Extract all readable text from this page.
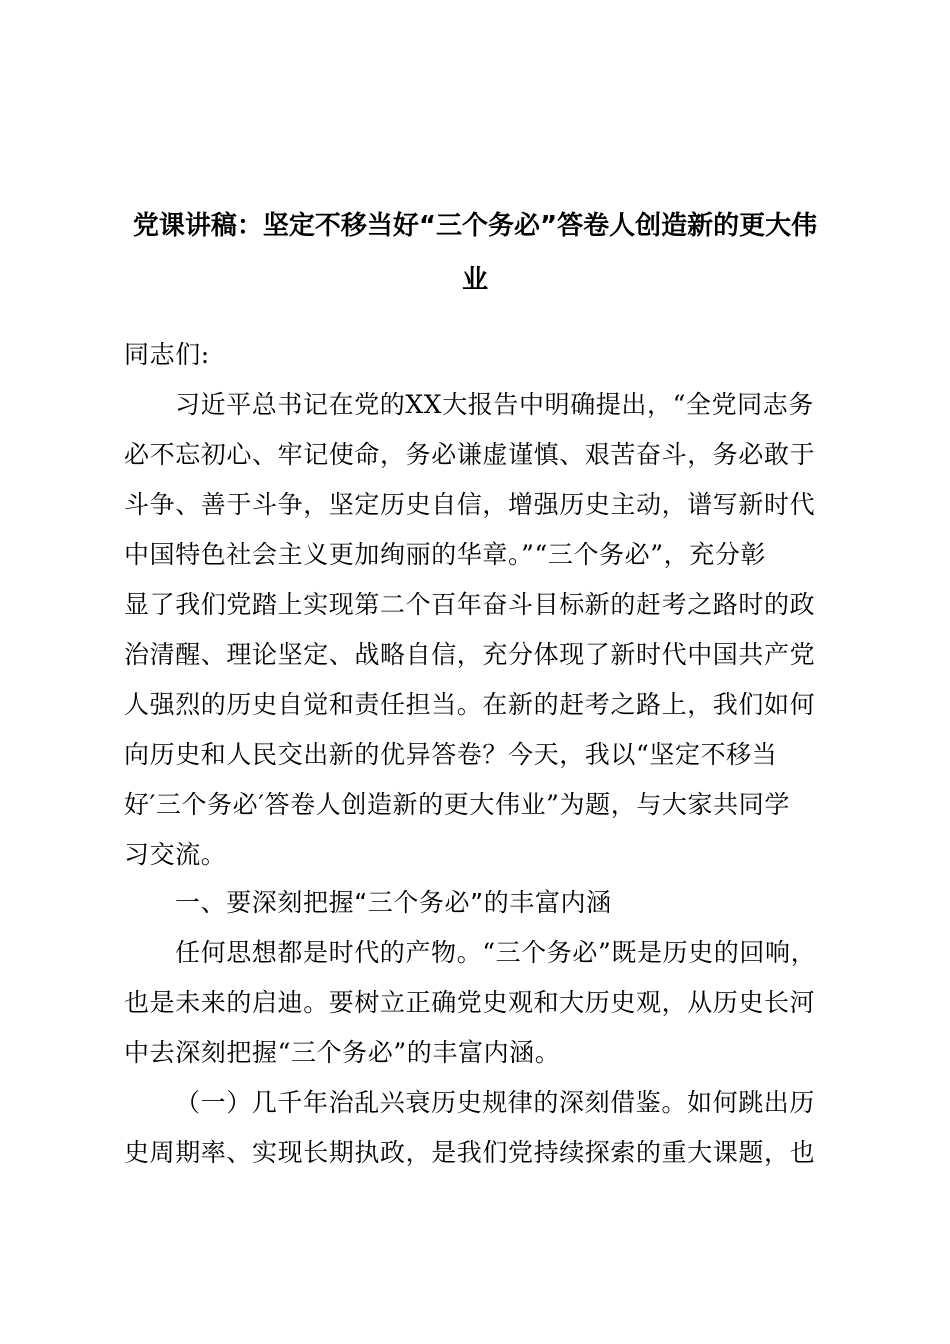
党课讲稿：坚定不移当好“三个务必”答卷人创造新的更大伟
业
同志们:
习近平总书记在党的XX大报告中明确提出，“全党同志务
必不忘初心、牢记使命，务必谦虚谨慎、艰苦奋斗，务必敢于
斗争、善于斗争，坚定历史自信，增强历史主动，谱写新时代
中国特色社会主义更加绚丽的华章。”“三个务必”，充分彰
显了我们党踏上实现第二个百年奋斗目标新的赶考之路时的政
治清醒、理论坚定、战略自信，充分体现了新时代中国共产党
人强烈的历史自觉和责任担当。在新的赶考之路上，我们如何
向历史和人民交出新的优异答卷？今天，我以“坚定不移当
好′三个务必′答卷人创造新的更大伟业”为题，与大家共同学
习交流。
一、要深刻把握“三个务必”的丰富内涵
任何思想都是时代的产物。“三个务必”既是历史的回响，
也是未来的启迪。要树立正确党史观和大历史观，从历史长河
中去深刻把握“三个务必”的丰富内涵。
（一）几千年治乱兴衰历史规律的深刻借鉴。如何跳出历
史周期率、实现长期执政，是我们党持续探索的重大课题，也
